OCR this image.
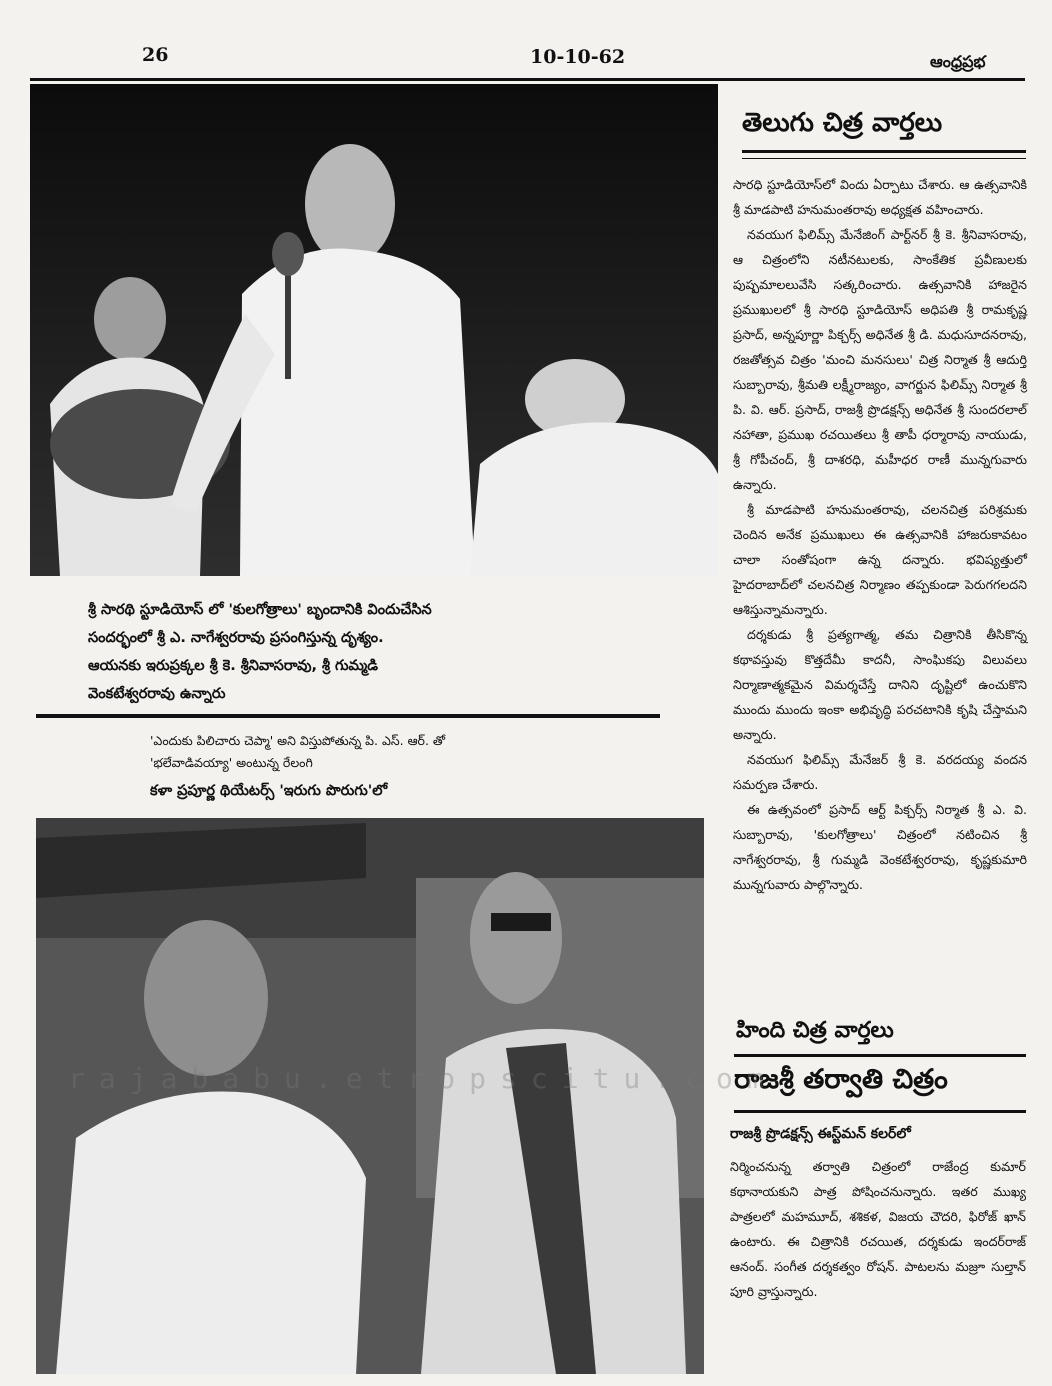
26	10-10-62	ఆంధ్రప్రభ
శ్రీ సారథి స్టూడియోస్ లో 'కులగోత్రాలు' బృందానికి విందుచేసిన
సందర్భంలో శ్రీ ఎ. నాగేశ్వరరావు ప్రసంగిస్తున్న దృశ్యం.
ఆయనకు ఇరుప్రక్కల శ్రీ కె. శ్రీనివాసరావు, శ్రీ గుమ్మడి
వెంకటేశ్వరరావు ఉన్నారు
'ఎందుకు పిలిచారు చెప్మా' అని విస్తుపోతున్న పి. ఎస్. ఆర్. తో
'భలేవాడివయ్యా' అంటున్న రేలంగి
కళా ప్రపూర్ణ థియేటర్స్ 'ఇరుగు పొరుగు'లో
తెలుగు చిత్ర వార్తలు

సారధి స్టూడియోస్‌లో విందు ఏర్పాటు చేశారు. ఆ ఉత్సవానికి శ్రీ మాడపాటి హనుమంతరావు అధ్యక్షత వహించారు.

నవయుగ ఫిలిమ్స్ మేనేజింగ్ పార్ట్‌నర్ శ్రీ కె. శ్రీనివాసరావు, ఆ చిత్రంలోని నటీనటులకు, సాంకేతిక ప్రవీణులకు పుష్పమాలలువేసి సత్కరించారు. ఉత్సవానికి హాజరైన ప్రముఖులలో శ్రీ సారధి స్టూడియోస్ అధిపతి శ్రీ రామకృష్ణ ప్రసాద్, అన్నపూర్ణా పిక్చర్స్ అధినేత శ్రీ డి. మధుసూదనరావు, రజతోత్సవ చిత్రం 'మంచి మనసులు' చిత్ర నిర్మాత శ్రీ ఆదుర్తి సుబ్బారావు, శ్రీమతి లక్ష్మీరాజ్యం, వాగర్జున ఫిలిమ్స్ నిర్మాత శ్రీ పి. వి. ఆర్. ప్రసాద్, రాజశ్రీ ప్రొడక్షన్స్ అధినేత శ్రీ సుందరలాల్ నహాతా, ప్రముఖ రచయితలు శ్రీ తాపీ ధర్మారావు నాయుడు, శ్రీ గోపీచంద్, శ్రీ దాశరధి, మహీధర రాణీ మున్నగువారు ఉన్నారు.

శ్రీ మాడపాటి హనుమంతరావు, చలనచిత్ర పరిశ్రమకు చెందిన అనేక ప్రముఖులు ఈ ఉత్సవానికి హాజరుకావటం చాలా సంతోషంగా ఉన్న దన్నారు. భవిష్యత్తులో హైదరాబాద్‌లో చలనచిత్ర నిర్మాణం తప్పకుండా పెరుగగలదని ఆశిస్తున్నామన్నారు.

దర్శకుడు శ్రీ ప్రత్యగాత్మ, తమ చిత్రానికి తీసికొన్న కథావస్తువు కొత్తదేమీ కాదనీ, సాంఘికపు విలువలు నిర్మాణాత్మకమైన విమర్శచేస్తే దానిని దృష్టిలో ఉంచుకొని ముందు ముందు ఇంకా అభివృద్ధి పరచటానికి కృషి చేస్తామని అన్నారు.

నవయుగ ఫిలిమ్స్ మేనేజర్ శ్రీ కె. వరదయ్య వందన సమర్పణ చేశారు.

ఈ ఉత్సవంలో ప్రసాద్ ఆర్ట్ పిక్చర్స్ నిర్మాత శ్రీ ఎ. వి. సుబ్బారావు, 'కులగోత్రాలు' చిత్రంలో నటించిన శ్రీ నాగేశ్వరరావు, శ్రీ గుమ్మడి వెంకటేశ్వరరావు, కృష్ణకుమారి మున్నగువారు పాల్గొన్నారు.

హింది చిత్ర వార్తలు
రాజశ్రీ తర్వాతి చిత్రం
రాజశ్రీ ప్రొడక్షన్స్ ఈస్ట్‌మన్ కలర్‌లో
నిర్మించనున్న తర్వాతి చిత్రంలో రాజేంద్ర కుమార్ కథానాయకుని పాత్ర పోషించనున్నారు. ఇతర ముఖ్య పాత్రలలో మహమూద్, శశికళ, విజయ చౌదరి, ఫిరోజ్ ఖాన్ ఉంటారు. ఈ చిత్రానికి రచయిత, దర్శకుడు ఇందర్‌రాజ్ ఆనంద్. సంగీత దర్శకత్వం రోషన్. పాటలను మజ్రూ సుల్తాన్ పూరి వ్రాస్తున్నారు.
rajababu.etropscitu.com
